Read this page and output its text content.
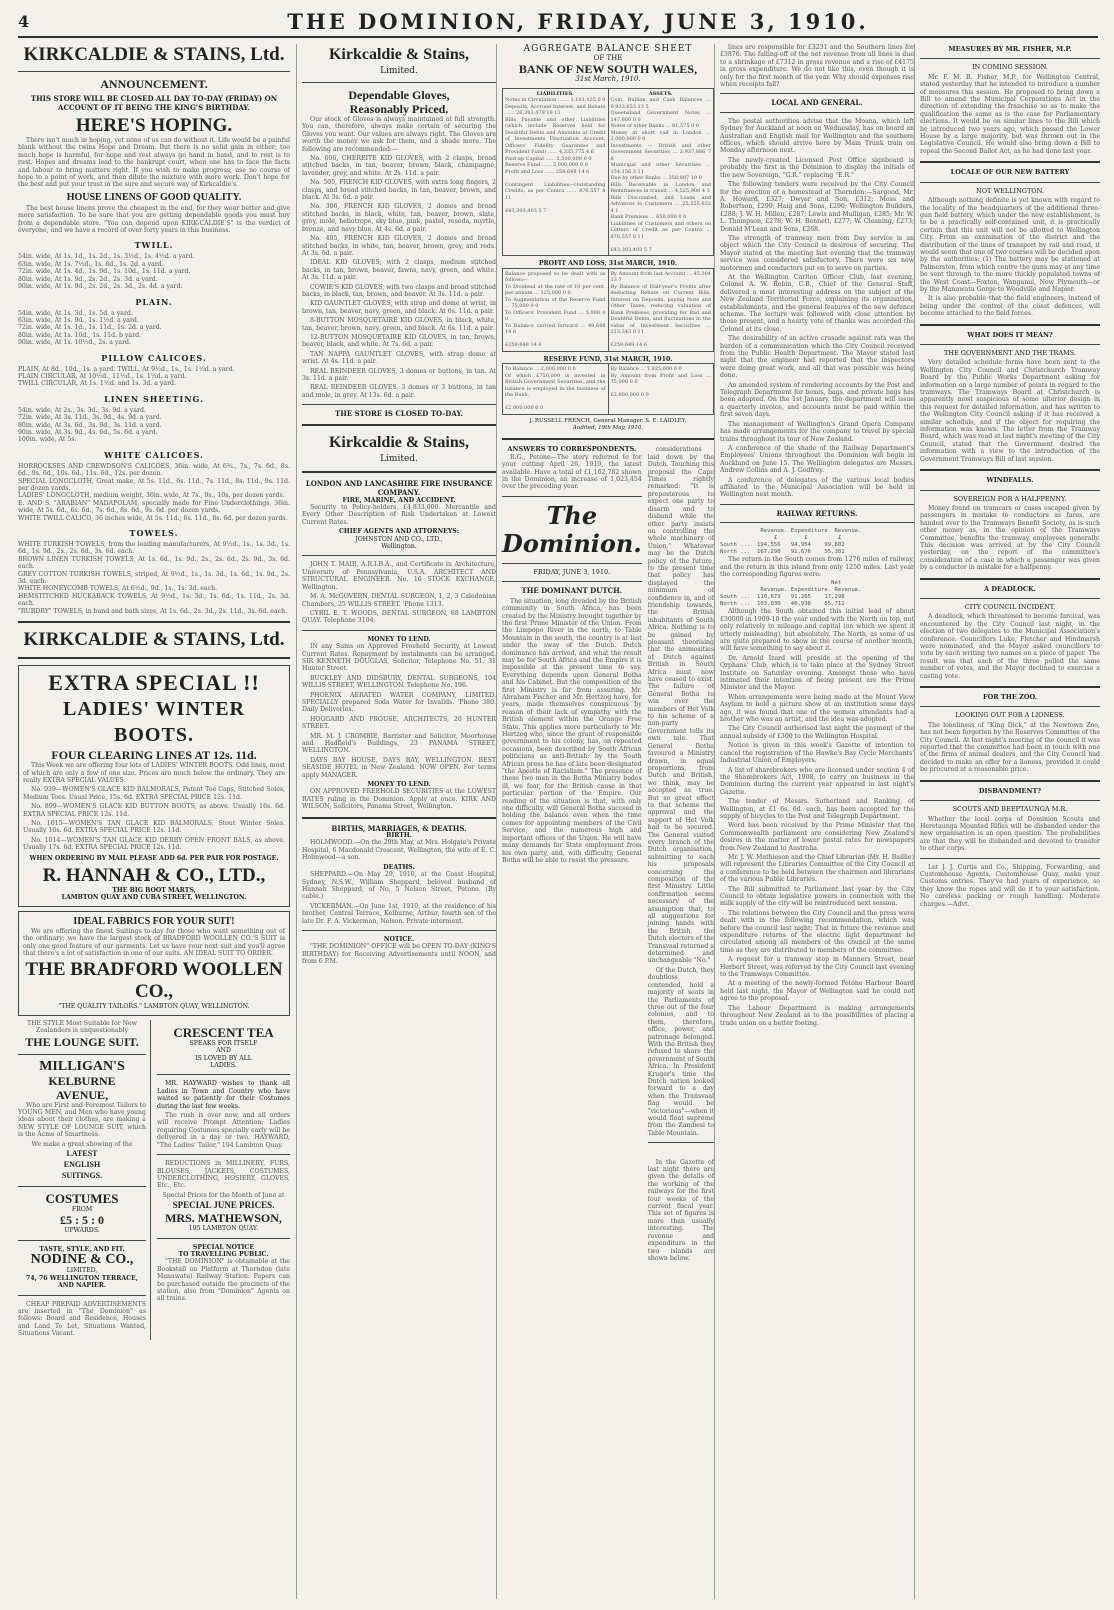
4	THE DOMINION, FRIDAY, JUNE 3, 1910.
KIRKCALDIE & STAINS, Ltd.
ANNOUNCEMENT.
THIS STORE WILL BE CLOSED ALL DAY TO-DAY (FRIDAY) ON ACCOUNT OF IT BEING THE KING'S BIRTHDAY.
HERE'S HOPING.

There isn't much in hoping, yet none of us can do without it. Life would be a painful blank without the twins Hope and Dream. But there is no solid gain in either; too much hope is harmful, for hope and rest always go hand in hand, and to rest is to rust. Hopes and dreams lead to the bankrupt court, when one has to face the facts and labour to bring matters right. If you wish to make progress, use no course of hope to a point of work, and then dilute the mixture with more work. Don't hope for the best and put your trust in the sure and secure way of Kirkcaldie's.

HOUSE LINENS OF GOOD QUALITY.

The best house linens prove the cheapest in the end, for they wear better and give more satisfaction. To be sure that you are getting dependable goods you must buy from a dependable store. "You can depend upon KIRK-CALDIE'S" is the verdict of everyone, and we have a record of over forty years in this business.

TWILL.
54in. wide, At 1s. 1d., 1s. 2d., 1s. 3½d., 1s. 4½d. a yard.
63in. wide, At 1s. 7½d., 1s. 8d., 1s. 2d. a yard.
72in. wide, At 1s. 4d., 1s. 9d., 1s. 10d., 1s. 11d. a yard.
80in. wide, At 1s. 9d., 2s. 2d., 2s. 3d. a yard.
90in. wide, At 1s. 9d., 2s. 2d., 2s. 3d., 2s. 4d. a yard.
PLAIN.
54in. wide, At 1s. 3d., 1s. 5d. a yard.
63in. wide, At 1s. 9d., 1s. 1½d. a yard.
72in. wide, At 1s. 1d., 1s. 11d., 1s. 2d. a yard.
80in. wide, At 1s. 10d., 1s. 11d. b yard.
90in. wide, At 1s. 10½d., 2s. a yard.
PILLOW CALICOES.
PLAIN, At 8d., 10d., 1s. a yard. TWILL, At 9½d., 1s., 1s. 1½d. a yard.
PLAIN CIRCULAR, At 10½d., 11½d., 1s. 1½d. a yard.
TWILL CIRCULAR, At 1s. 1½d. and 1s. 3d. a yard.
LINEN SHEETING.
54in. wide, At 2s., 3s. 3d., 3s. 9d. a yard.
72in. wide, At 3s. 11d., 3s. 9d., 4s. 9d. a yard.
80in. wide, At 3s. 6d., 3s. 9d., 3s. 11d. a yard.
90in. wide, At 3s. 9d., 4s. 6d., 5s. 6d. a yard.
100in. wide, At 5s.
WHITE CALICOES.
HORROCKSES AND CREWDSON'S CALICOES, 36in. wide, At 6¾., 7s., 7s. 6d., 8s. 6d., 9s. 6d., 10s. 6d., 11s. 6d., 12s. per dozen.
SPECIAL LONGCLOTH, Great make, At 5s. 11d., 6s. 11d., 7s. 11d., 8s. 11d., 9s. 11d. per dozen yards.
LADIES' LONGCLOTH, medium weight, 36in. wide, At 7s., 9s., 10s. per dozen yards.
E. AND S. "ARABIAN" MADAPOLAM, specially made for Fine Underclothings, 36in. wide, At 5s. 6d., 6s. 6d., 7s. 6d., 8s. 6d., 9s. 6d. per dozen yards.
WHITE TWILL CALICO, 36 inches wide, At 5s. 11d., 6s. 11d., 8s. 6d. per dozen yards.
TOWELS.
WHITE TURKISH TOWELS, from the leading manufacturers, At 9½d., 1s., 1s. 3d., 1s. 6d., 1s. 9d., 2s., 2s. 6d., 3s. 6d. each.
BROWN LINEN TURKISH TOWELS, At 1s. 6d., 1s. 9d., 2s., 2s. 6d., 2s. 9d., 3s. 6d. each.
GREY COTTON TURKISH TOWELS, striped, At 9½d., 1s., 1s. 3d., 1s. 6d., 1s. 9d., 2s. 3d. each.
WHITE HONEYCOMB TOWELS, At 6½d., 9d., 1s., 1s. 3d. each.
HEMSTITCHED HUCKABACK TOWELS, At 9½d., 1s. 3d., 1s. 6d., 1s. 11d., 2s. 3d. each.
"RUBDRY" TOWELS, in band and bath sizes, At 1s. 6d., 2s. 3d., 2s. 11d., 3s. 6d. each.
KIRKCALDIE & STAINS, Ltd.
EXTRA SPECIAL !!
LADIES' WINTER BOOTS.
FOUR CLEARING LINES AT 12s. 11d.

This Week we are offering four lots of LADIES' WINTER BOOTS. Odd lines, most of which are only a few of one size. Prices are much below the ordinary. They are really EXTRA SPECIAL VALUES.

No. 939—WOMEN'S GLACE KID BALMORALS, Patent Toe Caps, Stitched Soles, Medium Toes. Usual Price, 15s. 6d. EXTRA SPECIAL PRICE 12s. 11d.

No. 899—WOMEN'S GLACE KID BUTTON BOOTS, as above. Usually 16s. 6d. EXTRA SPECIAL PRICE 12s. 11d.

No. 1015—WOMEN'S TAN GLACE KID BALMORALS, Stout Winter Soles. Usually 16s. 6d. EXTRA SPECIAL PRICE 12s. 11d.

No. 1014—WOMEN'S TAN GLACE KID DERBY OPEN FRONT BALS, as above. Usually 17s. 6d. EXTRA SPECIAL PRICE 12s. 11d.

WHEN ORDERING BY MAIL PLEASE ADD 6d. PER PAIR FOR POSTAGE.
R. HANNAH & CO., LTD.,
THE BIG BOOT MARTS,
LAMBTON QUAY AND CUBA STREET, WELLINGTON.
IDEAL FABRICS FOR YOUR SUIT!

We are offering the finest Suitings to-day for those who want something out of the ordinary; we have the largest stock of BRADFORD WOOLLEN CO.'S SUIT is only one good feature of our garments. Let us have your next suit and you'll agree that there's a lot of satisfaction in one of our suits. AN IDEAL SUIT TO ORDER.

THE BRADFORD WOOLLEN CO.,
"THE QUALITY TAILORS." LAMBTON QUAY, WELLINGTON.
THE STYLE Most Suitable for New Zealanders is unquestionably
THE LOUNGE SUIT.
MILLIGAN'S
KELBURNE
AVENUE,

Who are First and Foremost Tailors to YOUNG MEN, and Men who have young ideas about their clothes, are making a NEW STYLE OF LOUNGE SUIT, which is the Acme of Smartness.

We make a great showing of the
LATEST
ENGLISH
SUITINGS.
COSTUMES
FROM
£5 : 5 : 0
UPWARDS.
TASTE, STYLE, AND FIT.
NODINE & CO.,
LIMITED,
74, 76 WELLINGTON TERRACE, AND NAPIER.

CHEAP PREPAID ADVERTISEMENTS are inserted in "The Dominion" as follows: Board and Residence, Houses and Land To Let, Situations Wanted, Situations Vacant.

CRESCENT TEA
SPEAKS FOR ITSELF
AND
IS LOVED BY ALL
LADIES.

MR. HAYWARD wishes to thank all Ladies in Town and Country who have waited so patiently for their Costumes during the last few weeks.

The rush is over now, and all orders will receive Prompt Attention; Ladies requiring Costumes specially early will be delivered in a day or two. HAYWARD, "The Ladies' Tailor," 194 Lambton Quay.

REDUCTIONS in MILLINERY, FURS, BLOUSES, JACKETS, COSTUMES, UNDERCLOTHING, HOSIERY, GLOVES, Etc., Etc.

Special Prices for the Month of June at
SPECIAL JUNE PRICES.
MRS. MATHEWSON,
195 LAMBTON QUAY.
SPECIAL NOTICE
TO TRAVELLING PUBLIC.

"THE DOMINION" is obtainable at the Bookstall on Platform at Thorndon (late Manawatu) Railway Station. Papers can be purchased outside the precincts of the station, also from "Dominion" Agents on all trains.

Kirkcaldie & Stains,
Limited.
Dependable Gloves,
Reasonably Priced.

Our stock of Gloves is always maintained at full strength. You can, therefore, always make certain of securing the Gloves you want. Our values are always right. The Gloves are worth the money we ask for them, and a shade more. The following are recommended:—

No. 606, CHEREITE KID GLOVES, with 2 clasps, broad stitched backs, in tan, beaver, brown, black, champagne, lavender, grey, and white. At 2s. 11d. a pair.

No. 505, FRENCH KID GLOVES, with extra long fingers, 2 clasps, and broad stitched backs, in tan, beaver, brown, and black. At 5s. 6d. a pair.

No. 306, FRENCH KID GLOVES, 2 domes and broad stitched backs, in black, white, tan, beaver, brown, slate, grey, mole, heliotrope, sky blue, pink, pastel, reseda, myrtle, bronze, and navy blue. At 4s. 6d. a pair.

No. 405, FRENCH KID GLOVES, 2 domes and broad stitched backs, in white, tan, beaver, brown, grey, and reds. At 3s. 6d. a pair.

IDEAL KID GLOVES, with 2 clasps, medium stitched backs, in tan, brown, beaver, fawns, navy, green, and white. At 3s. 11d. a pair.

COWIE'S KID GLOVES, with two clasps and broad stitched backs, in black, tan, brown, and beaver. At 3s. 11d. a pair.

KID GAUNTLET GLOVES, with strap and dome at wrist, in brown, tan, beaver, navy, green, and black. At 6s. 11d. a pair.

8-BUTTON MOSQUETAIRE KID GLOVES, in black, white, tan, beaver, brown, navy, green, and black. At 6s. 11d. a pair.

12-BUTTON MOSQUETAIRE KID GLOVES, in tan, brown, beaver, black, and white. At 7s. 6d. a pair.

TAN NAPPA GAUNTLET GLOVES, with strap dome at wrist. At 4s. 11d. a pair.

REAL REINDEER GLOVES, 3 domes or buttons, in tan. At 3s. 11d. a pair.

REAL REINDEER GLOVES, 3 domes or 3 buttons, in tan and mole, in grey. At 13s. 6d. a pair.

THE STORE IS CLOSED TO-DAY.
Kirkcaldie & Stains,
Limited.
LONDON AND LANCASHIRE FIRE INSURANCE COMPANY.
FIRE, MARINE, AND ACCIDENT.

Security to Policy-holders, £4,833,000. Mercantile and Every Other Description of Risk Undertaken at Lowest Current Rates.

CHIEF AGENTS AND ATTORNEYS:
JOHNSTON AND CO., LTD.,
Wellington.

JOHN T. MAIR, A.R.I.B.A., and Certificate in Architecture, University of Pennsylvania, U.S.A. ARCHITECT AND STRUCTURAL ENGINEER. No. 16 STOCK EXCHANGE, Wellington.

M. A. McGOVERN, DENTAL SURGEON, 1, 2, 3 Caledonian Chambers, 25 WILLIS STREET. 'Phone 1313.

CYRIL E. T. WOODS, DENTAL SURGEON, 68 LAMBTON QUAY. Telephone 3104.

MONEY TO LEND.

IN any Sums on Approved Freehold Security, at Lowest Current Rates. Repayment by instalments can be arranged. SIR KENNETH DOUGLAS, Solicitor, Telephone No. 51. 31 Hunter Street.

BUCKLEY AND DIDSBURY, DENTAL SURGEONS, 104 WILLIS STREET, WELLINGTON. Telephone No. 196.

PHOENIX AERATED WATER COMPANY, LIMITED. SPECIALLY prepared Soda Water for Invalids. 'Phone 380. Daily Deliveries.

HOGGARD AND PROUSE, ARCHITECTS, 20 HUNTER STREET.

MR. M. J. CROMBIE, Barrister and Solicitor, Moorhouse and Hadfield's Buildings, 23 PANAMA STREET, WELLINGTON.

DAYS BAY HOUSE, DAYS BAY, WELLINGTON. BEST SEASIDE HOTEL in New Zealand. NOW OPEN. For terms apply MANAGER.

MONEY TO LEND.

ON APPROVED FREEHOLD SECURITIES at the LOWEST RATES ruling in the Dominion. Apply at once. KIRK AND WILSON, Solicitors, Panama Street, Wellington.

BIRTHS, MARRIAGES, & DEATHS.
BIRTH.

HOLMWOOD.—On the 29th May, at Mrs. Holgate's Private Hospital, 6 Macdonald Crescent, Wellington, the wife of E. C. Holmwood—a son.

DEATHS.

SHEPPARD.—On May 29, 1910, at the Coast Hospital, Sydney, N.S.W., William Sheppard, beloved husband of Hannah Sheppard, of No. 5 Nelson Street, Petone. (By cable.)

VICKERMAN.—On June 1st, 1910, at the residence of his brother, Central Terrace, Kelburne, Arthur, fourth son of the late Dr. F. A. Vickerman, Nelson. Private interment.

NOTICE.

"THE DOMINION" OFFICE will be OPEN TO-DAY (KING'S BIRTHDAY) for Receiving Advertisements until NOON, and from 6 P.M.

AGGREGATE BALANCE SHEET
OF THE
BANK OF NEW SOUTH WALES,
31st March, 1910.
LIABILITIES.
Notes in Circulation ....... 1,101,125 0 0
Deposits, Accrued Interest, and Rebate ...... 26,383,479 19 11
Bills Payable and other Liabilities (which include Reserves held for Doubtful Debts and Amounts at Credit of Investments Fluctuation Account, Officers' Fidelity Guarantee and Provident Fund) ...... 4,333,775 4 6
Paid-up Capital ...... 2,500,000 0 0
Reserve Fund ...... 2,000,000 0 0
Profit and Loss ...... 259,648 14 6

Contingent Liabilities—Outstanding Credits, as per Contra ...... 876,557 8 11

£43,303,403 5 7
ASSETS.
Coin, Bullion and Cash Balances ... 9,933,653 13 5
Queensland Government Notes ... 147,800 0 0
Notes of other Banks ... 81,575 0 0
Money at short call in London ... 2,000,000 0 0
Investments — British and other Government Securities ... 2,937,886 7 8
Municipal and other Securities ... 154,156 3 11
Due by other Banks ... 358,887 19 0
Bills Receivable in London and Remittances in transit ... 4,525,900 4 3
Bills Discounted, and Loans and Advances to Customers ... 25,555,632 4 1
Bank Premises ... 650,000 0 0
Liabilities of Customers and others on Letters of Credit as per Contra ... 876,557 8 11

£43,303,403 5 7
PROFIT AND LOSS, 31st MARCH, 1910.
Balance proposed to be dealt with as follows—
To Dividend at the rate of 10 per cent. per annum ... 125,000 0 0
To Augmentation of the Reserve Fund ... 75,000 0 0
To Officers' Provident Fund ... 5,000 0 0
To Balance carried forward ... 49,648 14 6

£259,648 14 6
By Amount from last Account ... 45,304 13 7
By Balance of Half-year's Profits after deducting Rebate on Current Bills, Interest on Deposits, paying Note and Other Taxes, reducing valuation of Bank Premises, providing for Bad and Doubtful Debts, and fluctuations in the value of Investment Securities ... 213,343 0 11

£259,648 14 6
RESERVE FUND, 31st MARCH, 1910.
To Balance ... 2,000,000 0 0
Of which £750,000 is invested in British Government Securities, and the balance is employed in the business of the Bank.

£2,000,000 0 0
By Balance ... 1,925,000 0 0
By Amount from Profit and Loss ... 75,000 0 0

£2,000,000 0 0
J. RUSSELL FRENCH, General Manager. S. E. LAIDLEY,
Audited, 19th May, 1910.
ANSWERS TO CORRESPONDENTS.

R.G., Petone—The story referred to for your cutting April 26, 1910, the latest available. Have a total of £1,162,782 shown in the Dominion, an increase of 1,023,454 over the preceding year.

The Dominion.
FRIDAY, JUNE 3, 1910.
THE DOMINANT DUTCH.

The situation, long dreaded by the British community in South Africa, has been created by the Ministry brought together by the first Prime Minister of the Union. From the Limpopo River in the north, to Table Mountain in the south, the country is at last under the sway of the Dutch. Dutch dominance has arrived, and what the result may be for South Africa and the Empire it is impossible at the present time to say. Everything depends upon General Botha and his Cabinet. But the composition of the first Ministry is far from assuring. Mr. Abraham Fischer and Mr. Hertzog have, for years, made themselves conspicuous by reason of their lack of sympathy with the British element within the Orange Free State. This applies more particularly to Mr. Hertzog who, since the grant of responsible government to his colony, has, on repeated occasions, been described by South African politicians as anti-British: by the South African press he has of late been designated "the Apostle of Racialism." The presence of these two men in the Botha Ministry bodes ill, we fear, for the British cause in that particular portion of the Empire. Our reading of the situation is that, with only one difficulty, will General Botha succeed in holding the balance even when the time comes for appointing members of the Civil Service, and the numerous high and important offices of the Union. He will have many demands for State employment from his own party, and, with difficulty, General Botha will be able to resist the pressure.

considerations laid down by the Dutch. Touching this proposal the Cape Times rightly remarked: "It is preposterous to expect one party to disarm and to disband while the other party insists on controlling the whole machinery of Union." Whatever may be the Dutch policy of the future, to the present time that policy has displayed the minimum of confidence in, and of friendship towards, the British inhabitants of South Africa. Nothing is to be gained by pleasant theorising that the animosities of Dutch against British in South Africa must now have ceased to exist. The failure of General Botha to win over the members of Het Volk to his scheme of a non-party Government tells its own tale. That General Botha favoured a Ministry drawn, in equal proportions, from Dutch and British, we think, may be accepted as true. But so great effect to that scheme the approval and the support of Het Volk had to be secured. The General visited every branch of the Dutch organisation, submitting to each his proposals concerning the composition of the first Ministry. Little confirmation seems necessary of the assumption that, to all suggestions for joining hands with the British, the Dutch electors of the Transvaal returned a determined and unchangeable "No."

Of the Dutch, they doubtless contended, hold a majority of seats in the Parliaments of three out of the four colonies, and to them, therefore, office, power, and patronage belonged. With the British they refused to share the government of South Africa. In President Kruger's time the Dutch nation looked forward to a day when the Transvaal flag would be "victorious"—when it would float supreme from the Zambesi to Table Mountain.

In the Gazette of last night there are given the details of the working of the railways for the first four weeks of the current fiscal year. This set of figures is more than usually interesting. The revenue and expenditure in the two islands are shown below.

lines are responsible for £3231 and the Southern lines for £3876. The falling-off of the net revenue from all lines is due to a shrinkage of £7312 in gross revenue and a rise of £4175 in gross expenditure. We do not like this, even though it is only for the first month of the year. Why should expenses rise when receipts fall?

LOCAL AND GENERAL.

The postal authorities advise that the Moana, which left Sydney for Auckland at noon on Wednesday, has on board an Australian and English mail for Wellington and the southern offices, which should arrive here by Main Trunk train on Monday afternoon next.

The newly-created Licensed Post Office signboard is probably the first in the Dominion to display the initials of the new Sovereign, "G.R." replacing "E.R."

The following tenders were received by the City Council for the erection of a homestead at Thorndon:—Sargood, Mr. A. Howard, £327; Dwyer and Son, £312; Moss and Robertson, £299; Haig and Sons, £290; Wellington Builders, £288; J. W. H. Millen, £287; Lewis and Mulligan, £285; Mr. W. L. Thompson, £278; W. H. Bennett, £277; W. Cleaning, £273; Donald M'Lean and Sons, £268.

The strength of tramway men from Day service is an object which the City Council is desirous of securing. The Mayor stated at the meeting last evening that the tramway service was considered satisfactory. There were six new motormen and conductors put on to serve on parties.

At the Wellington Carlton Officer Club, last evening, Colonel A. W. Robin, C.B., Chief of the General Staff, delivered a most interesting address on the subject of the New Zealand Territorial Force, explaining its organisation, establishments, and the general features of the new defence scheme. The lecture was followed with close attention by those present, and a hearty vote of thanks was accorded the Colonel at its close.

The desirability of an active crusade against rats was the burden of a communication which the City Council received from the Public Health Department. The Mayor stated last night that the engineer had reported that the inspectors were doing great work, and all that was possible was being done.

An amended system of rendering accounts by the Post and Telegraph Department for boxes, bags, and private bags has been adopted. On the 1st January, the department will issue a quarterly invoice, and accounts must be paid within the first seven days.

The management of Wellington's Grand Opera Company has made arrangements for the company to travel by special trains throughout its tour of New Zealand.

A conference of the shade of the Railway Department's Employees' Unions throughout the Dominion will begin in Auckland on June 15. The Wellington delegates are Messrs. Andrew Collins and A. J. Godfrey.

A conference of delegates of the various local bodies affiliated to the Municipal Association will be held in Wellington next month.

RAILWAY RETURNS.
Revenue. Expenditure. Revenue.
£        £         £
South ...  194,556   94,954    99,602
North ...  167,290   91,676    55,301

The return in the South comes from 1276 miles of railway, and the return in this island from only 1250 miles. Last year the corresponding figures were:

Net
Revenue. Expenditure. Revenue.
South ...  110,673   91,265    17,298
North ...  103,030   40,938    55,712

Although the South obtained this initial lead of about £30000 in 1909-10 the year ended with the North on top, not only relatively to mileage and capital (on which we spent it utterly misleading), but absolutely. The North, as some of us are quite prepared to show in the course of another month, will have something to say about it.

Dr. Arnold Izard will preside at the opening of the Orphans' Club, which is to take place at the Sydney Street Institute on Saturday evening. Amongst those who have intimated their intention of being present are the Prime Minister and the Mayor.

When arrangements were being made at the Mount View Asylum to hold a picture show at an institution some days ago, it was found that one of the women attendants had a brother who was an artist, and the idea was adopted.

The City Council authorised last night the payment of the annual subsidy of £300 to the Wellington Hospital.

Notice is given in this week's Gazette of intention to cancel the registration of the Hawke's Bay Cycle Merchants' Industrial Union of Employers.

A list of sharebrokers who are licensed under section 4 of the Sharebrokers Act, 1908, to carry on business in the Dominion during the current year appeared in last night's Gazette.

The tender of Messrs. Sutherland and Ranking, of Wellington, at £1 6s. 6d. each, has been accepted for the supply of bicycles to the Post and Telegraph Department.

Word has been received by the Prime Minister that the Commonwealth parliament are considering New Zealand's desires in the matter of lower postal rates for newspapers from New Zealand to Australia.

Mr. J. W. Mathieson and the Chief Librarian (Mr. H. Baillie) will represent the Libraries Committee of the City Council at a conference to be held between the chairmen and librarians of the various Public Libraries.

The Bill submitted to Parliament last year by the City Council to obtain legislative powers in connection with the milk supply of the city will be reintroduced next session.

The relations between the City Council and the press were dealt with in the following recommendation, which was before the council last night: That in future the revenue and expenditure returns of the electric light department be circulated among all members of the council at the same time as they are distributed to members of the committee.

A request for a tramway stop in Manners Street, near Herbert Street, was referred by the City Council last evening to the Tramways Committee.

At a meeting of the newly-formed Petone Harbour Board held last night, the Mayor of Wellington said he could not agree to the proposal.

The Labour Department is making arrangements throughout New Zealand as to the possibilities of placing a trade union on a better footing.

MEASURES BY MR. FISHER, M.P.
IN COMING SESSION.

Mr. F. M. B. Fisher, M.P., for Wellington Central, stated yesterday that he intended to introduce a number of measures this session. He proposed to bring down a Bill to amend the Municipal Corporations Act in the direction of extending the franchise so as to make the qualification the same as is the case for Parliamentary elections. It would be on similar lines to the Bill which he introduced two years ago, which passed the Lower House by a large majority, but was thrown out in the Legislative Council. He would also bring down a Bill to repeal the Second Ballot Act, as he had done last year.

LOCALE OF OUR NEW BATTERY
NOT WELLINGTON.

Although nothing definite is yet known with regard to the locality of the headquarters of the additional three-gun field battery, which under the new establishment, is to be a practically self-contained unit, it is practically certain that this unit will not be allotted to Wellington City. From an examination of the district and the distribution of the lines of transport by rail and road, it would seem that one of two courses will be decided upon by the authorities: (1) The battery may be stationed at Palmerston, from which centre the guns may at any time be sent through to the more thickly populated towns of the West Coast—Foxton, Wanganui, New Plymouth—or by the Manawatu Gorge to Woodville and Napier.

It is also probable that the field engineers, instead of being under the control of the coast defences, will become attached to the field forces.

WHAT DOES IT MEAN?
THE GOVERNMENT AND THE TRAMS.

Very detailed schedule forms have been sent to the Wellington City Council and Christchurch Tramway Board by the Public Works Department asking for information on a large number of points in regard to the tramways. The Tramways Board at Christchurch is apparently most suspicious of some ulterior design in this request for detailed information, and has written to the Wellington City Council asking if it has received a similar schedule, and if the object for requiring the information was known. The letter from the Tramway Board, which was read at last night's meeting of the City Council, stated that the Government desired the information with a view to the introduction of the Government Tramways Bill of last session.

WINDFALLS.
SOVEREIGN FOR A HALFPENNY.

Money found on tramcars or cases escaped given by passengers in mistake to conductors as fares, are handed over to the Tramways Benefit Society, as is such other money as, in the opinion of the Tramways Committee, benefits the tramway employees generally. This decision was arrived at by the City Council yesterday, on the report of the committee's consideration of a case in which a passenger was given by a conductor in mistake for a halfpenny.

A DEADLOCK.
CITY COUNCIL INCIDENT.

A deadlock, which threatened to become farcical, was encountered by the City Council last night, in the election of two delegates to the Municipal Association's conference. Councillors Luke, Fletcher and Hindmarsh were nominated, and the Mayor asked councillors to vote by each writing two names on a piece of paper. The result was that each of the three polled the same number of votes, and the Mayor declined to exercise a casting vote.

FOR THE ZOO.
LOOKING OUT FOR A LIONESS.

The loneliness of "King Dick," at the Newtown Zoo, has not been forgotten by the Reserves Committee of the City Council. At last night's meeting of the council it was reported that the committee had been in touch with one of the firms of animal dealers, and the City Council had decided to make an offer for a lioness, provided it could be procured at a reasonable price.

DISBANDMENT?
SCOUTS AND BEEPTAUNGA M.R.

Whether the local corps of Dominion Scouts and Heretaunga Mounted Rifles will be disbanded under the new organisation is an open question. The probabilities are that they will be disbanded and devoted to transfer to other corps.

Let J. J. Curtis and Co., Shipping, Forwarding, and Customhouse Agents, Customhouse Quay, make your Customs entries. They've had years of experience, so they know the ropes and will do it to your satisfaction. No careless packing or rough handling. Moderate charges.—Advt.
